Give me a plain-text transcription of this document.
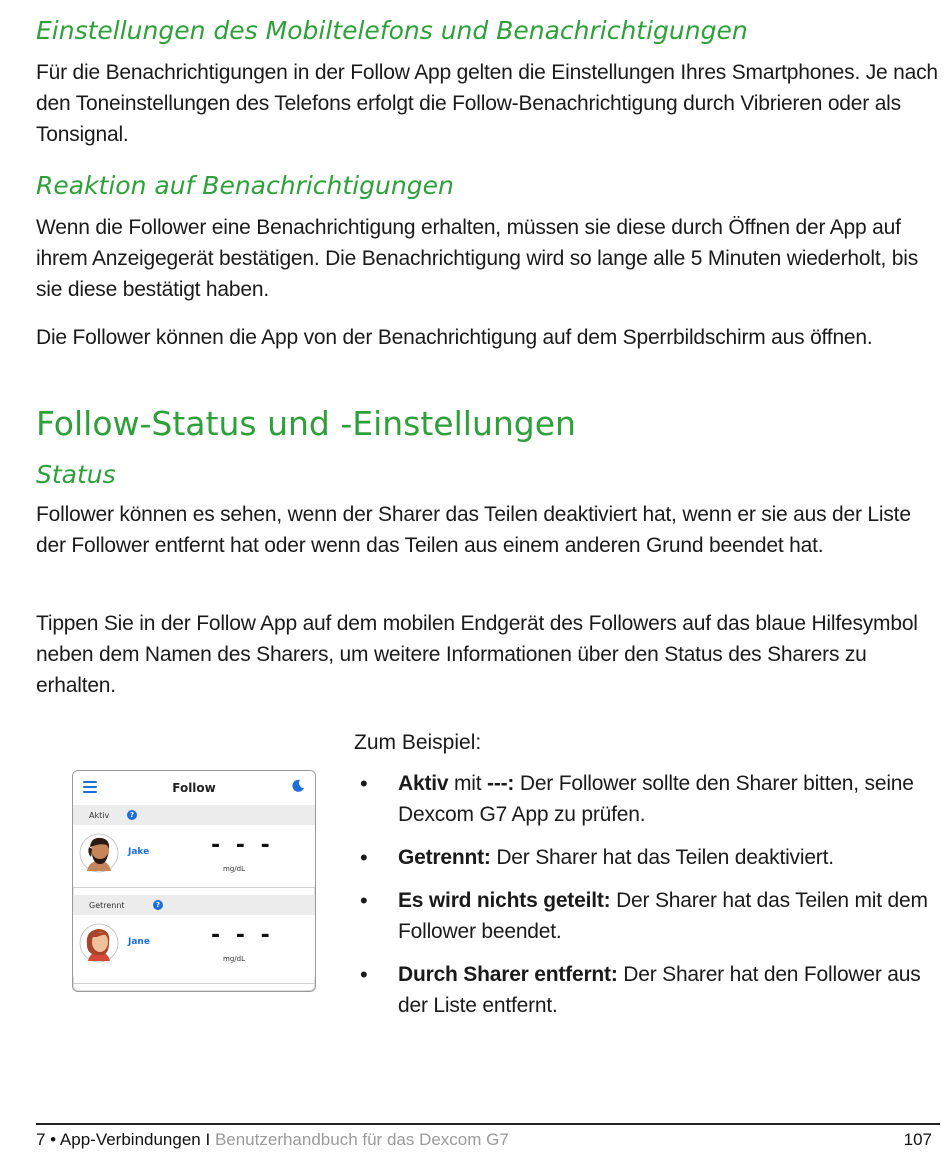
Einstellungen des Mobiltelefons und Benachrichtigungen

Für die Benachrichtigungen in der Follow App gelten die Einstellungen Ihres Smartphones. Je nach den Toneinstellungen des Telefons erfolgt die Follow-Benachrichtigung durch Vibrieren oder als Tonsignal.

Reaktion auf Benachrichtigungen

Wenn die Follower eine Benachrichtigung erhalten, müssen sie diese durch Öffnen der App auf ihrem Anzeigegerät bestätigen. Die Benachrichtigung wird so lange alle 5 Minuten wiederholt, bis sie diese bestätigt haben.

Die Follower können die App von der Benachrichtigung auf dem Sperrbildschirm aus öffnen.

Follow-Status und -Einstellungen

Status

Follower können es sehen, wenn der Sharer das Teilen deaktiviert hat, wenn er sie aus der Liste der Follower entfernt hat oder wenn das Teilen aus einem anderen Grund beendet hat.

Tippen Sie in der Follow App auf dem mobilen Endgerät des Followers auf das blaue Hilfesymbol neben dem Namen des Sharers, um weitere Informationen über den Status des Sharers zu erhalten.

Follow
Aktiv	?
Jake	- - -
mg/dL
Getrennt	?
Jane	- - -
mg/dL
Zum Beispiel:
• Aktiv mit ---: Der Follower sollte den Sharer bitten, seine Dexcom G7 App zu prüfen.
• Getrennt: Der Sharer hat das Teilen deaktiviert.
• Es wird nichts geteilt: Der Sharer hat das Teilen mit dem Follower beendet.
• Durch Sharer entfernt: Der Sharer hat den Follower aus der Liste entfernt.
7 • App-Verbindungen I Benutzerhandbuch für das Dexcom G7	107
